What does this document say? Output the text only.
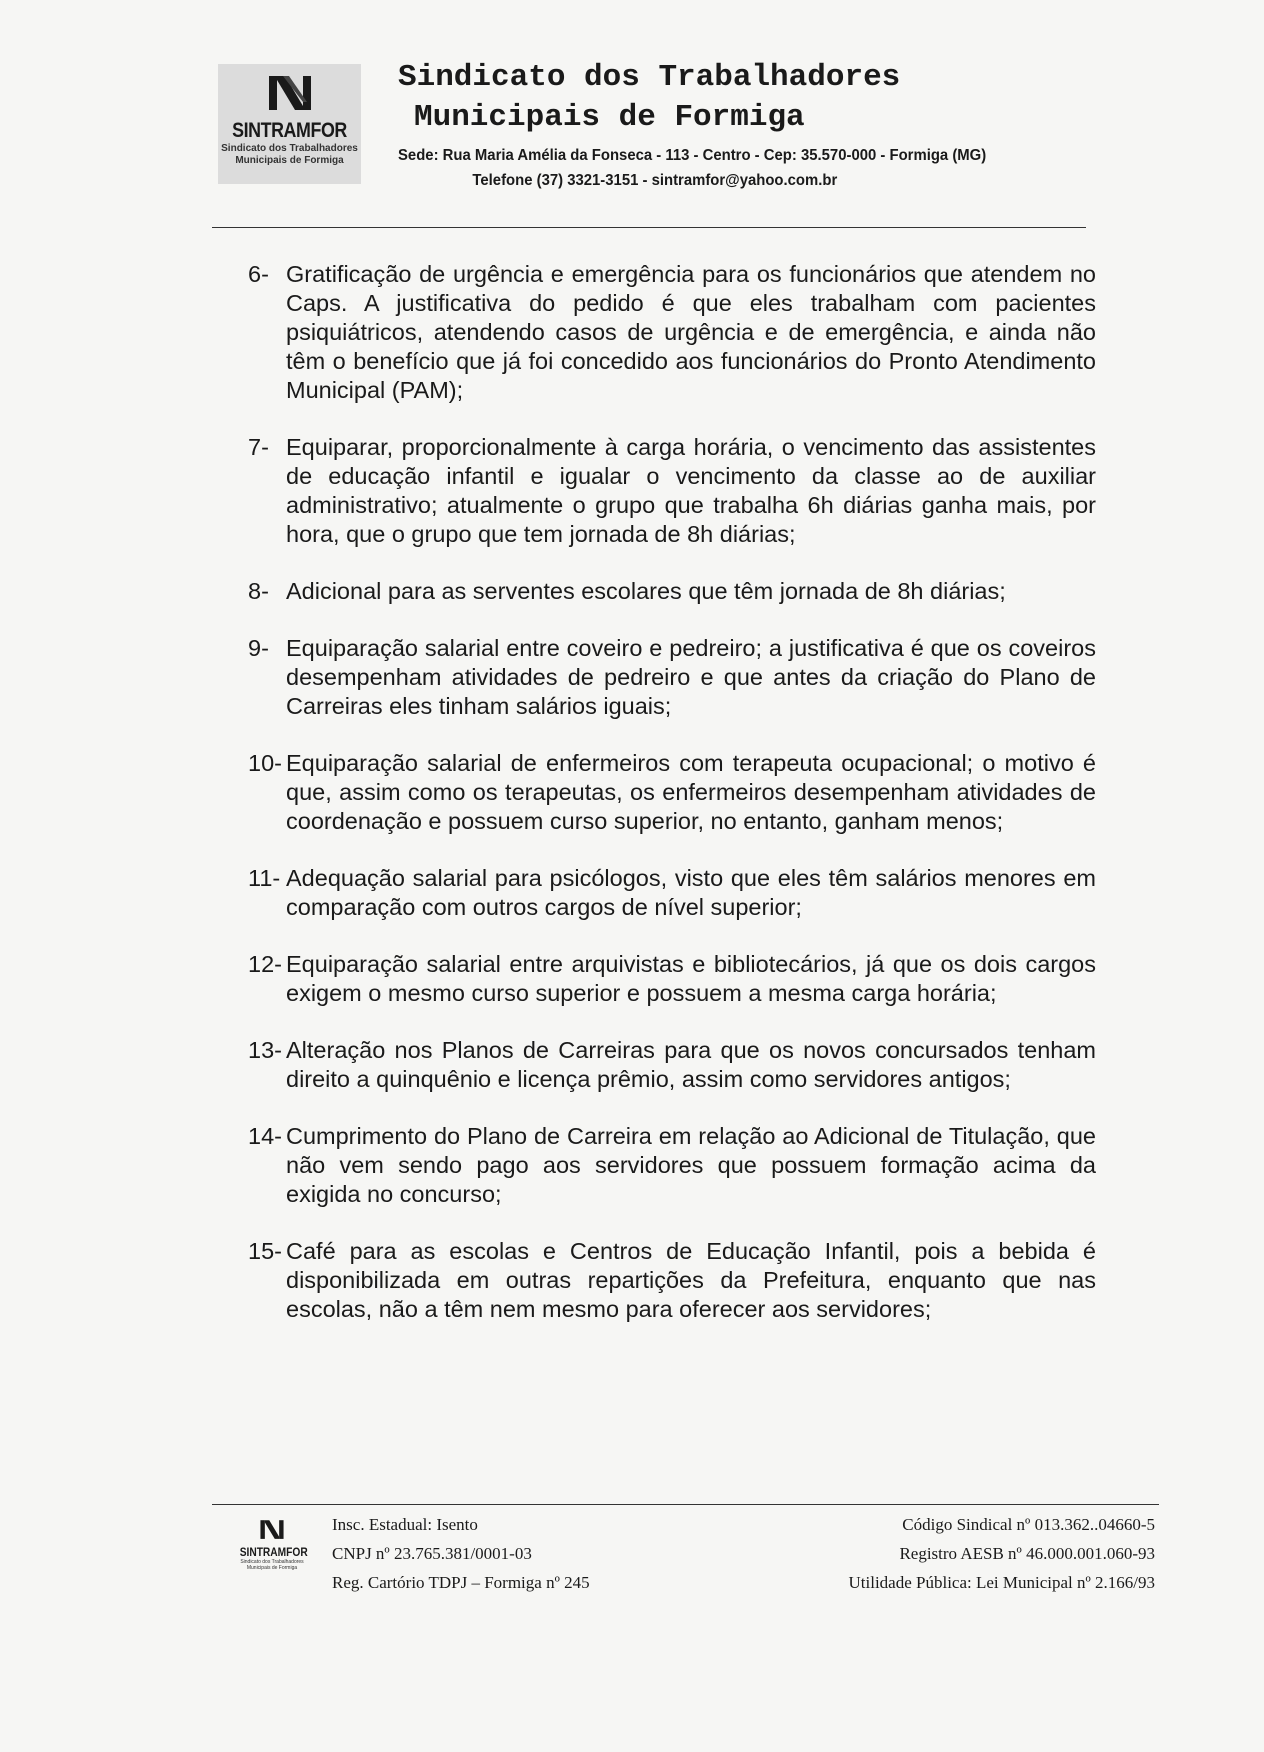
SINTRAMFOR
Sindicato dos Trabalhadores
Municipais de Formiga
Sindicato dos Trabalhadores
Municipais de Formiga
Sede: Rua Maria Amélia da Fonseca - 113 - Centro - Cep: 35.570-000 - Formiga (MG)
Telefone (37) 3321-3151 - sintramfor@yahoo.com.br
6- Gratificação de urgência e emergência para os funcionários que atendem no Caps. A justificativa do pedido é que eles trabalham com pacientes psiquiátricos, atendendo casos de urgência e de emergência, e ainda não têm o benefício que já foi concedido aos funcionários do Pronto Atendimento Municipal (PAM);
7- Equiparar, proporcionalmente à carga horária, o vencimento das assistentes de educação infantil e igualar o vencimento da classe ao de auxiliar administrativo; atualmente o grupo que trabalha 6h diárias ganha mais, por hora, que o grupo que tem jornada de 8h diárias;
8- Adicional para as serventes escolares que têm jornada de 8h diárias;
9- Equiparação salarial entre coveiro e pedreiro; a justificativa é que os coveiros desempenham atividades de pedreiro e que antes da criação do Plano de Carreiras eles tinham salários iguais;
10- Equiparação salarial de enfermeiros com terapeuta ocupacional; o motivo é que, assim como os terapeutas, os enfermeiros desempenham atividades de coordenação e possuem curso superior, no entanto, ganham menos;
11- Adequação salarial para psicólogos, visto que eles têm salários menores em comparação com outros cargos de nível superior;
12- Equiparação salarial entre arquivistas e bibliotecários, já que os dois cargos exigem o mesmo curso superior e possuem a mesma carga horária;
13- Alteração nos Planos de Carreiras para que os novos concursados tenham direito a quinquênio e licença prêmio, assim como servidores antigos;
14- Cumprimento do Plano de Carreira em relação ao Adicional de Titulação, que não vem sendo pago aos servidores que possuem formação acima da exigida no concurso;
15- Café para as escolas e Centros de Educação Infantil, pois a bebida é disponibilizada em outras repartições da Prefeitura, enquanto que nas escolas, não a têm nem mesmo para oferecer aos servidores;
SINTRAMFOR
Sindicato dos Trabalhadores
Municipais de Formiga
Insc. Estadual: Isento
CNPJ nº 23.765.381/0001-03
Reg. Cartório TDPJ – Formiga nº 245
Código Sindical nº 013.362..04660-5
Registro AESB nº 46.000.001.060-93
Utilidade Pública: Lei Municipal nº 2.166/93
